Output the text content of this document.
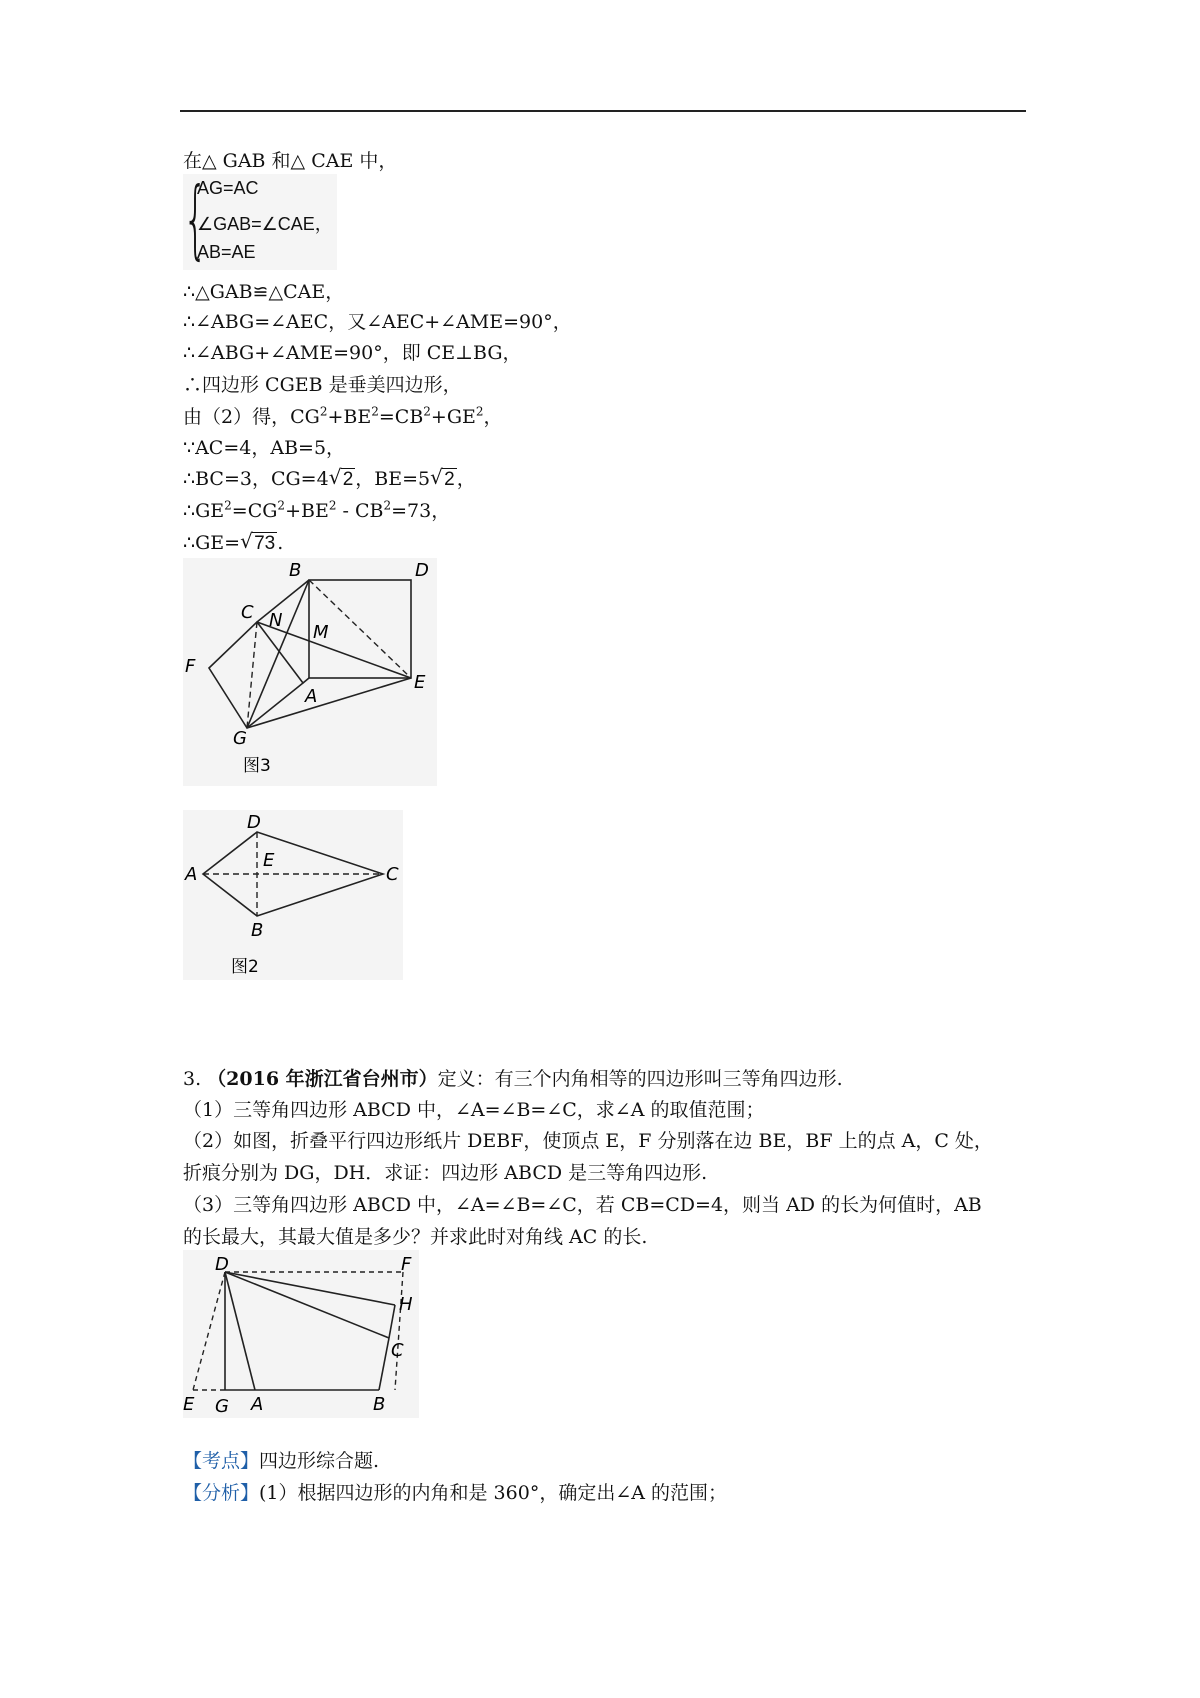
在△ GAB 和△ CAE 中，
{
AG=AC
∠GAB=∠CAE，
AB=AE
∴△GAB≌△CAE，
∴∠ABG=∠AEC，又∠AEC+∠AME=90°，
∴∠ABG+∠AME=90°，即 CE⊥BG，
∴四边形 CGEB 是垂美四边形，
由（2）得，$CG^2+BE^2=CB^2+GE^2$，
∵AC=4，AB=5，
∴BC=3，CG=4 √ 2 ，BE=5 √ 2 ，
$\therefore GE^2=CG^2+BE^2 - CB^2=73$，
∴GE= √ 73 .
B	D
C N
M
F
A
E
G
图3
D
A
E
C
B
图2
3. （2016 年浙江省台州市）定义：有三个内角相等的四边形叫三等角四边形.
（1）三等角四边形 ABCD 中，∠A=∠B=∠C，求∠A 的取值范围；
（2）如图，折叠平行四边形纸片 DEBF，使顶点 E，F 分别落在边 BE，BF 上的点 A，C 处，
折痕分别为 DG，DH．求证：四边形 ABCD 是三等角四边形.
（3）三等角四边形 ABCD 中，∠A=∠B=∠C，若 CB=CD=4，则当 AD 的长为何值时，AB
的长最大，其最大值是多少？并求此时对角线 AC 的长.
D	F
H
C
E G A	B
【考点】四边形综合题.
【分析】(1）根据四边形的内角和是 360°，确定出∠A 的范围；
